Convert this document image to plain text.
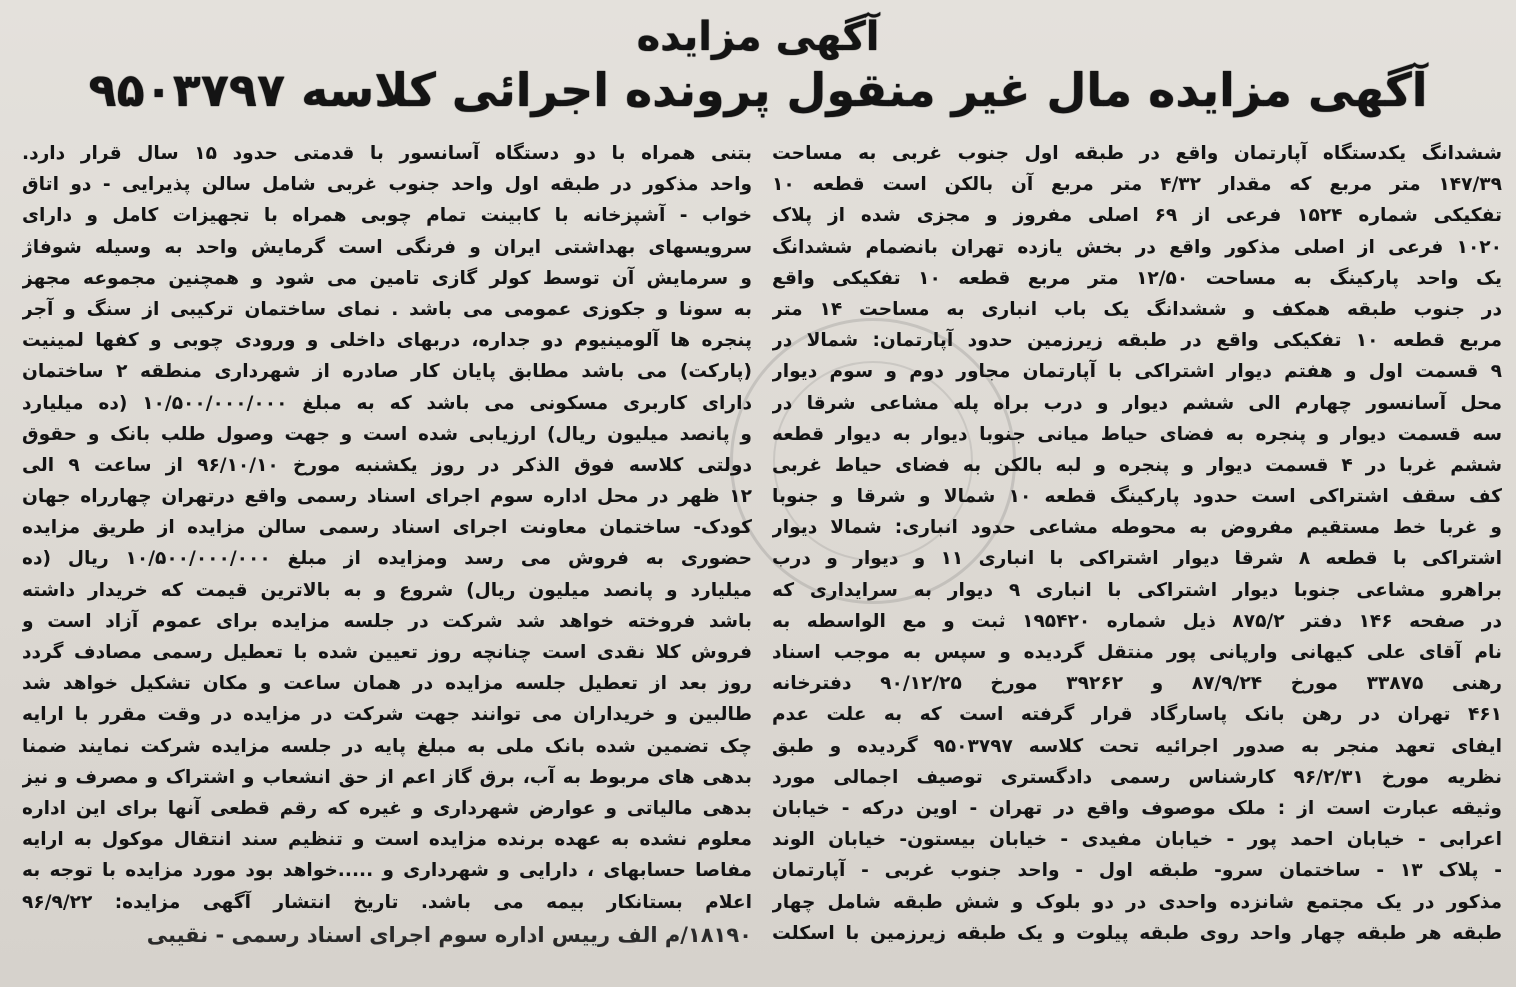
آگهی مزایده
آگهی مزایده مال غیر منقول پرونده اجرائی کلاسه ۹۵۰۳۷۹۷
ششدانگ یکدستگاه آپارتمان واقع در طبقه اول جنوب غربی به مساحت
۱۴۷/۳۹ متر مربع که مقدار ۴/۳۲ متر مربع آن بالکن است قطعه ۱۰
تفکیکی شماره ۱۵۲۴ فرعی از ۶۹ اصلی مفروز و مجزی شده از پلاک
۱۰۲۰ فرعی از اصلی مذکور واقع در بخش یازده تهران بانضمام ششدانگ
یک واحد پارکینگ به مساحت ۱۲/۵۰ متر مربع قطعه ۱۰ تفکیکی واقع
در جنوب طبقه همکف و ششدانگ یک باب انباری به مساحت ۱۴ متر
مربع قطعه ۱۰ تفکیکی واقع در طبقه زیرزمین حدود آپارتمان: شمالا در
۹ قسمت اول و هفتم دیوار اشتراکی با آپارتمان مجاور دوم و سوم دیوار
محل آسانسور چهارم الی ششم دیوار و درب براه پله مشاعی شرقا در
سه قسمت دیوار و پنجره به فضای حیاط میانی جنوبا دیوار به دیوار قطعه
ششم غربا در ۴ قسمت دیوار و پنجره و لبه بالکن به فضای حیاط غربی
کف سقف اشتراکی است حدود پارکینگ قطعه ۱۰ شمالا و شرقا و جنوبا
و غربا خط مستقیم مفروض به محوطه مشاعی حدود انباری: شمالا دیوار
اشتراکی با قطعه ۸ شرقا دیوار اشتراکی با انباری ۱۱ و دیوار و درب
براهرو مشاعی جنوبا دیوار اشتراکی با انباری ۹ دیوار به سرایداری که
در صفحه ۱۴۶ دفتر ۸۷۵/۲ ذیل شماره ۱۹۵۴۲۰ ثبت و مع الواسطه به
نام آقای علی کیهانی وارپانی پور منتقل گردیده و سپس به موجب اسناد
رهنی ۳۳۸۷۵ مورخ ۸۷/۹/۲۴ و ۳۹۲۶۲ مورخ ۹۰/۱۲/۲۵ دفترخانه
۴۶۱ تهران در رهن بانک پاسارگاد قرار گرفته است که به علت عدم
ایفای تعهد منجر به صدور اجرائیه تحت کلاسه ۹۵۰۳۷۹۷ گردیده و طبق
نظریه مورخ ۹۶/۲/۳۱ کارشناس رسمی دادگستری توصیف اجمالی مورد
وثیقه عبارت است از : ملک موصوف واقع در تهران - اوین درکه - خیابان
اعرابی - خیابان احمد پور - خیابان مفیدی - خیابان بیستون- خیابان الوند
- پلاک ۱۳ - ساختمان سرو- طبقه اول - واحد جنوب غربی - آپارتمان
مذکور در یک مجتمع شانزده واحدی در دو بلوک و شش طبقه شامل چهار
طبقه هر طبقه چهار واحد روی طبقه پیلوت و یک طبقه زیرزمین با اسکلت
بتنی همراه با دو دستگاه آسانسور با قدمتی حدود ۱۵ سال قرار دارد.
واحد مذکور در طبقه اول واحد جنوب غربی شامل سالن پذیرایی - دو اتاق
خواب - آشپزخانه با کابینت تمام چوبی همراه با تجهیزات کامل و دارای
سرویسهای بهداشتی ایران و فرنگی است گرمایش واحد به وسیله شوفاژ
و سرمایش آن توسط کولر گازی تامین می شود و همچنین مجموعه مجهز
به سونا و جکوزی عمومی می باشد . نمای ساختمان ترکیبی از سنگ و آجر
پنجره ها آلومینیوم دو جداره، دربهای داخلی و ورودی چوبی و کفها لمینیت
(پارکت) می باشد مطابق پایان کار صادره از شهرداری منطقه ۲ ساختمان
دارای کاربری مسکونی می باشد که به مبلغ ۱۰/۵۰۰/۰۰۰/۰۰۰ (ده میلیارد
و پانصد میلیون ریال) ارزیابی شده است و جهت وصول طلب بانک و حقوق
دولتی کلاسه فوق الذکر در روز یکشنبه مورخ ۹۶/۱۰/۱۰ از ساعت ۹ الی
۱۲ ظهر در محل اداره سوم اجرای اسناد رسمی واقع درتهران چهارراه جهان
کودک- ساختمان معاونت اجرای اسناد رسمی سالن مزایده از طریق مزایده
حضوری به فروش می رسد ومزایده از مبلغ ۱۰/۵۰۰/۰۰۰/۰۰۰ ریال (ده
میلیارد و پانصد میلیون ریال) شروع و به بالاترین قیمت که خریدار داشته
باشد فروخته خواهد شد شرکت در جلسه مزایده برای عموم آزاد است و
فروش کلا نقدی است چنانچه روز تعیین شده با تعطیل رسمی مصادف گردد
روز بعد از تعطیل جلسه مزایده در همان ساعت و مکان تشکیل خواهد شد
طالبین و خریداران می توانند جهت شرکت در مزایده در وقت مقرر با ارایه
چک تضمین شده بانک ملی به مبلغ پایه در جلسه مزایده شرکت نمایند ضمنا
بدهی های مربوط به آب، برق گاز اعم از حق انشعاب و اشتراک و مصرف و نیز
بدهی مالیاتی و عوارض شهرداری و غیره که رقم قطعی آنها برای این اداره
معلوم نشده به عهده برنده مزایده است و تنظیم سند انتقال موکول به ارایه
مفاصا حسابهای ، دارایی و شهرداری و .....خواهد بود مورد مزایده با توجه به
اعلام بستانکار بیمه می باشد. تاریخ انتشار آگهی مزایده: ۹۶/۹/۲۲
۱۸۱۹۰/م الف رییس اداره سوم اجرای اسناد رسمی - نقیبی
